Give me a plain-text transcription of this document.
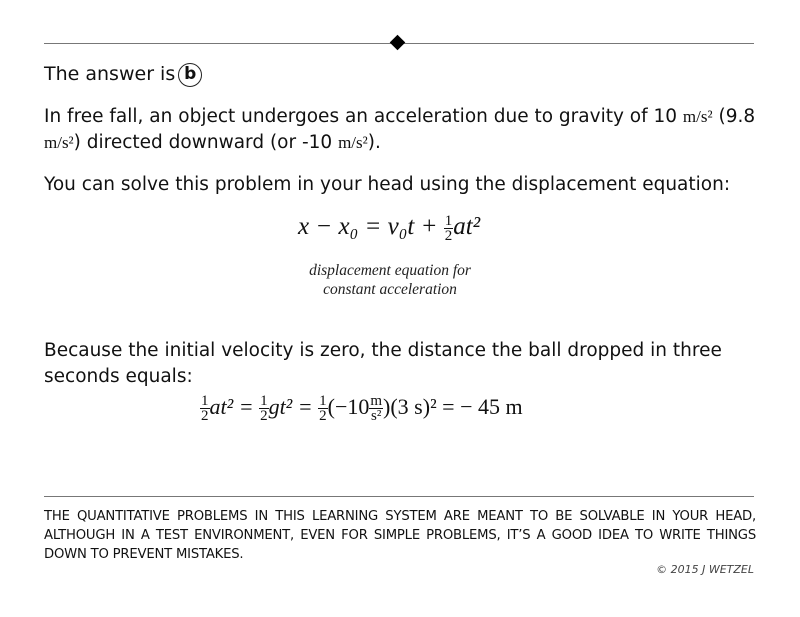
The answer is b
In free fall, an object undergoes an acceleration due to gravity of 10 m/s² (9.8 m/s²) directed downward (or -10 m/s²).
You can solve this problem in your head using the displacement equation:
$x - x_0 = v_0t + \frac{1}{2} at^2$
displacement equation for
constant acceleration
Because the initial velocity is zero, the distance the ball dropped in three seconds equals:
$\frac{1}{2} at^2 = \frac{1}{2} gt^2 = \frac{1}{2} (-10 \frac{m}{\text{s²}} )(3$ s)² = − 45 m
THE QUANTITATIVE PROBLEMS IN THIS LEARNING SYSTEM ARE MEANT TO BE SOLVABLE IN YOUR HEAD, ALTHOUGH IN A TEST ENVIRONMENT, EVEN FOR SIMPLE PROBLEMS, IT’S A GOOD IDEA TO WRITE THINGS DOWN TO PREVENT MISTAKES.
© 2015 J WETZEL
